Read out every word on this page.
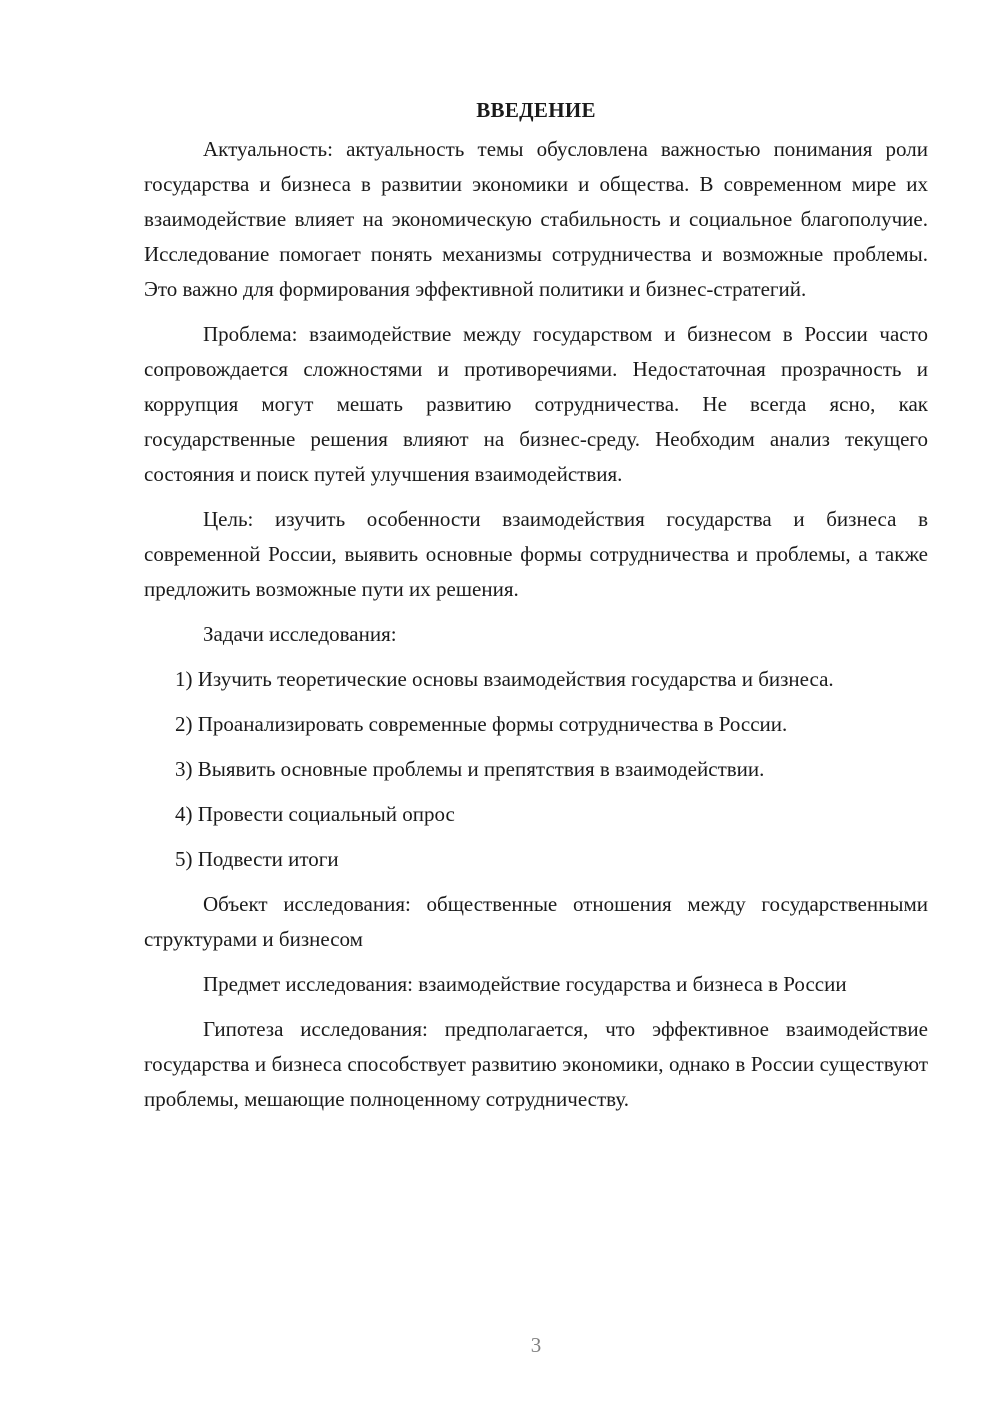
ВВЕДЕНИЕ

Актуальность: актуальность темы обусловлена важностью понимания роли государства и бизнеса в развитии экономики и общества. В современном мире их взаимодействие влияет на экономическую стабильность и социальное благополучие. Исследование помогает понять механизмы сотрудничества и возможные проблемы. Это важно для формирования эффективной политики и бизнес-стратегий.

Проблема: взаимодействие между государством и бизнесом в России часто сопровождается сложностями и противоречиями. Недостаточная прозрачность и коррупция могут мешать развитию сотрудничества. Не всегда ясно, как государственные решения влияют на бизнес-среду. Необходим анализ текущего состояния и поиск путей улучшения взаимодействия.

Цель: изучить особенности взаимодействия государства и бизнеса в современной России, выявить основные формы сотрудничества и проблемы, а также предложить возможные пути их решения.

Задачи исследования:

1) Изучить теоретические основы взаимодействия государства и бизнеса.

2) Проанализировать современные формы сотрудничества в России.

3) Выявить основные проблемы и препятствия в взаимодействии.

4) Провести социальный опрос

5) Подвести итоги

Объект исследования: общественные отношения между государственными структурами и бизнесом

Предмет исследования: взаимодействие государства и бизнеса в России

Гипотеза исследования: предполагается, что эффективное взаимодействие государства и бизнеса способствует развитию экономики, однако в России существуют проблемы, мешающие полноценному сотрудничеству.

3
